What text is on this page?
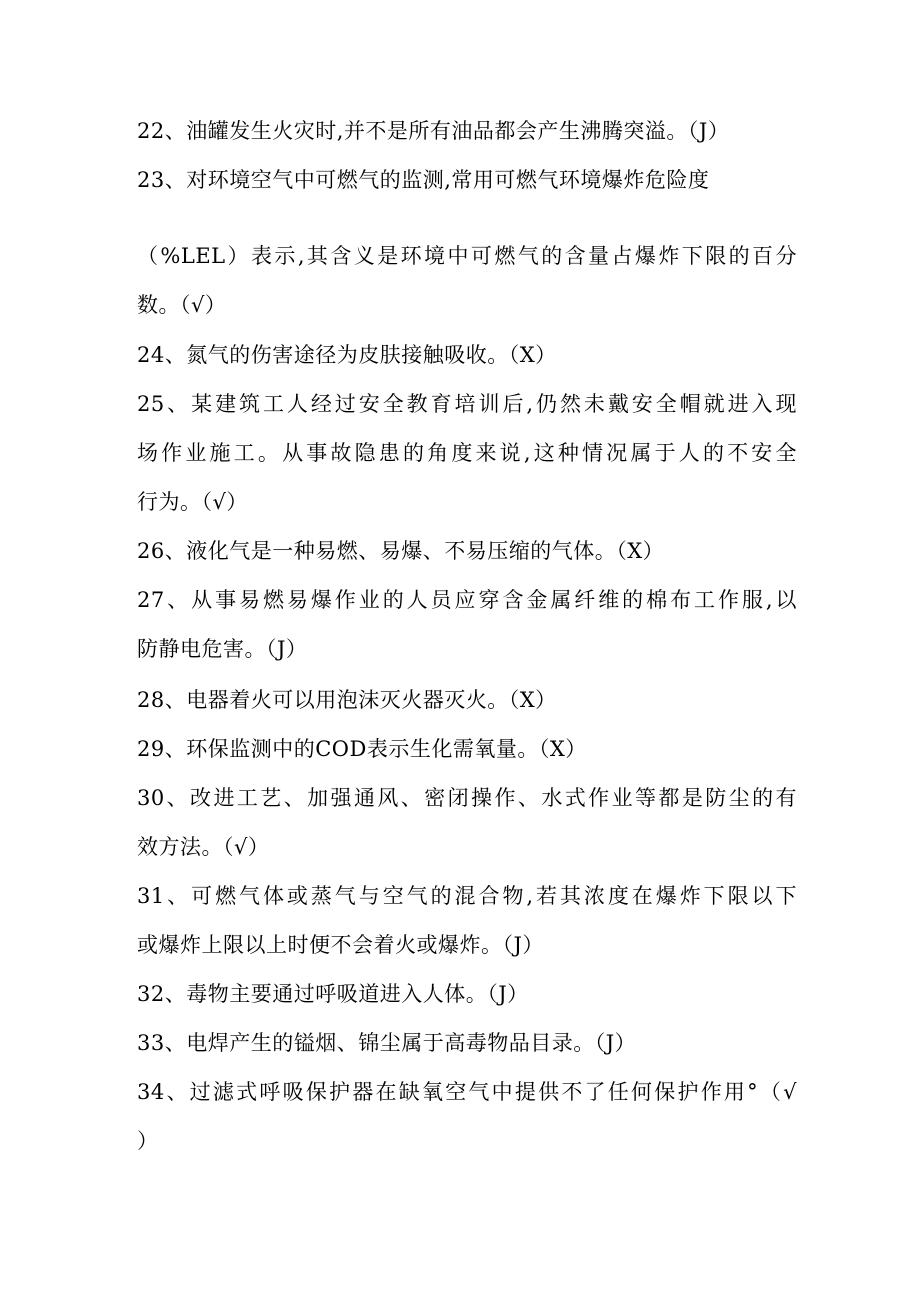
22、油罐发生火灾时,并不是所有油品都会产生沸腾突溢。（J）
23、对环境空气中可燃气的监测,常用可燃气环境爆炸危险度
（%LEL）表示,其含义是环境中可燃气的含量占爆炸下限的百分
数。（√）
24、氮气的伤害途径为皮肤接触吸收。（X）
25、某建筑工人经过安全教育培训后,仍然未戴安全帽就进入现
场作业施工。从事故隐患的角度来说,这种情况属于人的不安全
行为。（√）
26、液化气是一种易燃、易爆、不易压缩的气体。（X）
27、从事易燃易爆作业的人员应穿含金属纤维的棉布工作服,以
防静电危害。（J）
28、电器着火可以用泡沫灭火器灭火。（X）
29、环保监测中的COD表示生化需氧量。（X）
30、改进工艺、加强通风、密闭操作、水式作业等都是防尘的有
效方法。（√）
31、可燃气体或蒸气与空气的混合物,若其浓度在爆炸下限以下
或爆炸上限以上时便不会着火或爆炸。（J）
32、毒物主要通过呼吸道进入人体。（J）
33、电焊产生的镒烟、锦尘属于高毒物品目录。（J）
34、过滤式呼吸保护器在缺氧空气中提供不了任何保护作用°（√
）
